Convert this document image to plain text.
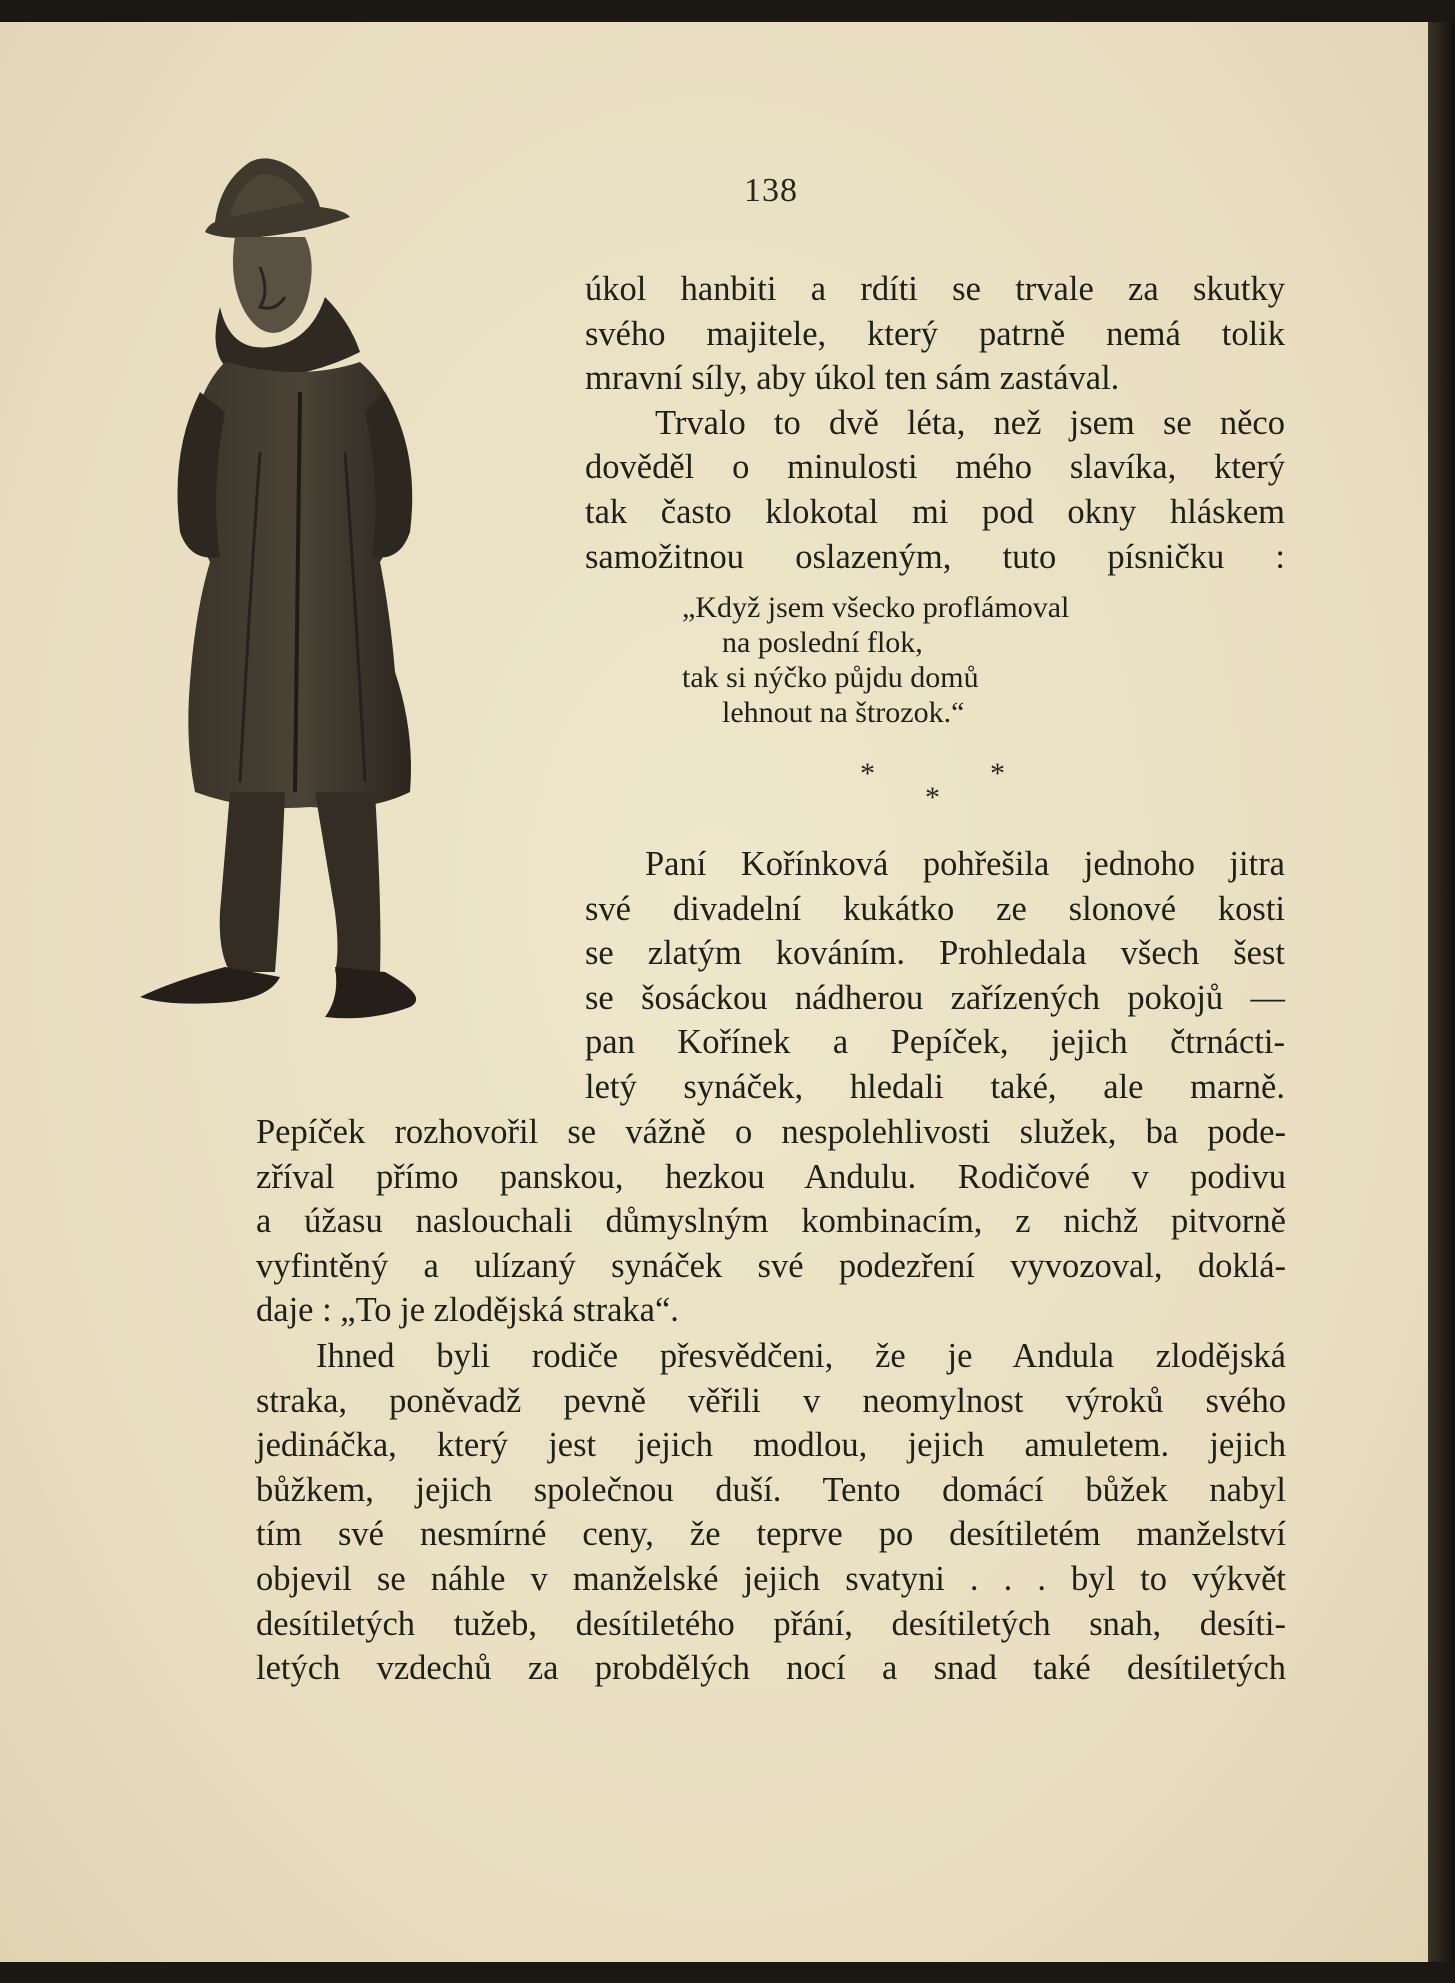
138
úkol hanbiti a rdíti se trvale za skutky
svého majitele, který patrně nemá tolik
mravní síly, aby úkol ten sám zastával.
Trvalo to dvě léta, než jsem se něco
dověděl o minulosti mého slavíka, který
tak často klokotal mi pod okny hláskem
samožitnou oslazeným, tuto písničku :
„Když jsem všecko proflámoval
na poslední flok,
tak si nýčko půjdu domů
lehnout na štrozok.“
*	*
*
Paní Kořínková pohřešila jednoho jitra
své divadelní kukátko ze slonové kosti
se zlatým kováním. Prohledala všech šest
se šosáckou nádherou zařízených pokojů —
pan Kořínek a Pepíček, jejich čtrnácti-
letý synáček, hledali také, ale marně.
Pepíček rozhovořil se vážně o nespolehlivosti služek, ba pode-
zříval přímo panskou, hezkou Andulu. Rodičové v podivu
a úžasu naslouchali důmyslným kombinacím, z nichž pitvorně
vyfintěný a ulízaný synáček své podezření vyvozoval, doklá-
daje : „To je zlodějská straka“.
Ihned byli rodiče přesvědčeni, že je Andula zlodějská
straka, poněvadž pevně věřili v neomylnost výroků svého
jedináčka, který jest jejich modlou, jejich amuletem. jejich
bůžkem, jejich společnou duší. Tento domácí bůžek nabyl
tím své nesmírné ceny, že teprve po desítiletém manželství
objevil se náhle v manželské jejich svatyni . . . byl to výkvět
desítiletých tužeb, desítiletého přání, desítiletých snah, desíti-
letých vzdechů za probdělých nocí a snad také desítiletých
